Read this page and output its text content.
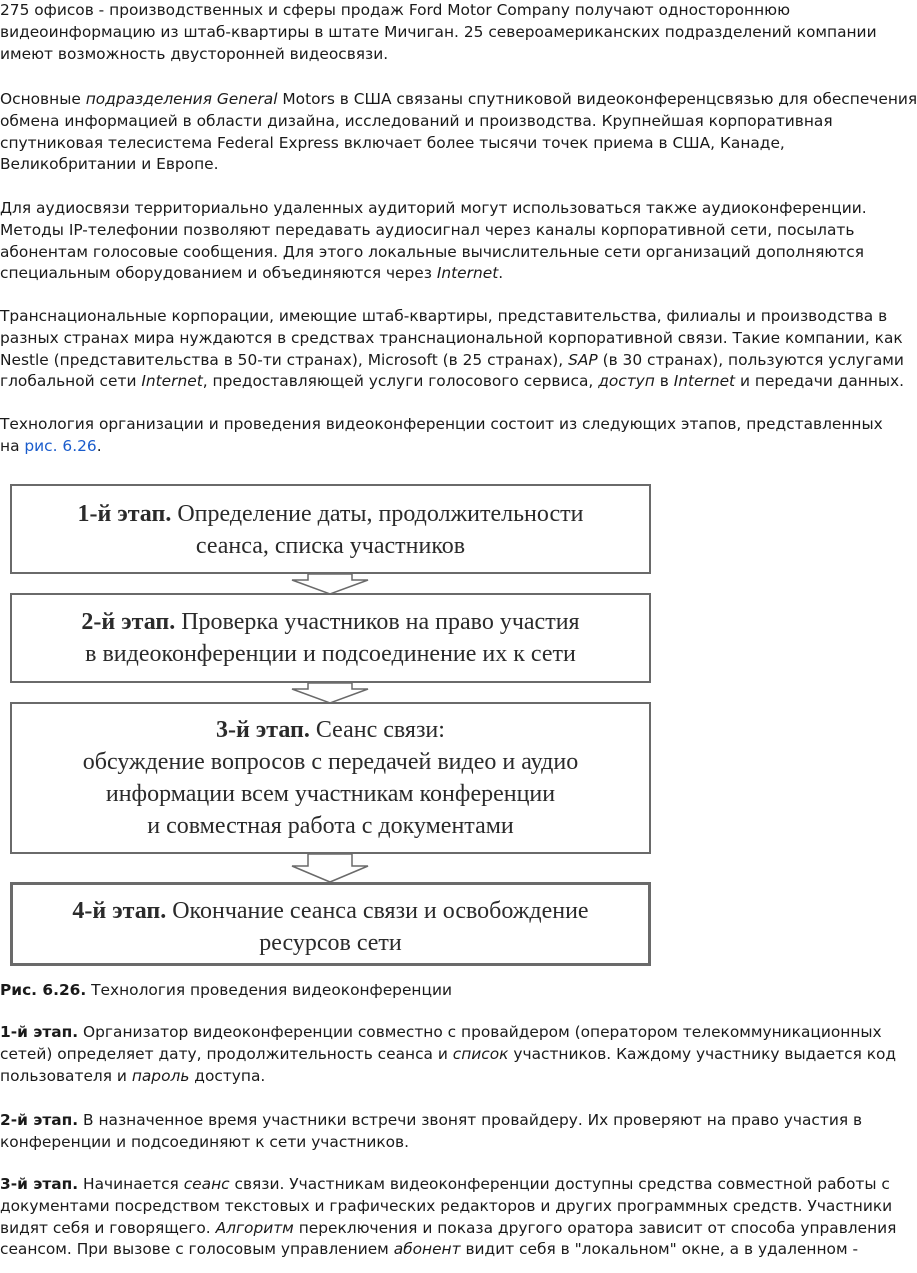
275 офисов - производственных и сферы продаж Ford Motor Company получают одностороннюю
видеоинформацию из штаб-квартиры в штате Мичиган. 25 североамериканских подразделений компании
имеют возможность двусторонней видеосвязи.

Основные подразделения General Motors в США связаны спутниковой видеоконференцсвязью для обеспечения
обмена информацией в области дизайна, исследований и производства. Крупнейшая корпоративная
спутниковая телесистема Federal Express включает более тысячи точек приема в США, Канаде,
Великобритании и Европе.

Для аудиосвязи территориально удаленных аудиторий могут использоваться также аудиоконференции.
Методы IP-телефонии позволяют передавать аудиосигнал через каналы корпоративной сети, посылать
абонентам голосовые сообщения. Для этого локальные вычислительные сети организаций дополняются
специальным оборудованием и объединяются через Internet.

Транснациональные корпорации, имеющие штаб-квартиры, представительства, филиалы и производства в
разных странах мира нуждаются в средствах транснациональной корпоративной связи. Такие компании, как
Nestle (представительства в 50-ти странах), Microsoft (в 25 странах), SAP (в 30 странах), пользуются услугами
глобальной сети Internet, предоставляющей услуги голосового сервиса, доступ в Internet и передачи данных.

Технология организации и проведения видеоконференции состоит из следующих этапов, представленных
на рис. 6.26.

1-й этап. Определение даты, продолжительности
сеанса, списка участников
2-й этап. Проверка участников на право участия
в видеоконференции и подсоединение их к сети
3-й этап. Сеанс связи:
обсуждение вопросов с передачей видео и аудио
информации всем участникам конференции
и совместная работа с документами
4-й этап. Окончание сеанса связи и освобождение
ресурсов сети

Рис. 6.26. Технология проведения видеоконференции

1-й этап. Организатор видеоконференции совместно с провайдером (оператором телекоммуникационных
сетей) определяет дату, продолжительность сеанса и список участников. Каждому участнику выдается код
пользователя и пароль доступа.

2-й этап. В назначенное время участники встречи звонят провайдеру. Их проверяют на право участия в
конференции и подсоединяют к сети участников.

3-й этап. Начинается сеанс связи. Участникам видеоконференции доступны средства совместной работы с
документами посредством текстовых и графических редакторов и других программных средств. Участники
видят себя и говорящего. Алгоритм переключения и показа другого оратора зависит от способа управления
сеансом. При вызове с голосовым управлением абонент видит себя в "локальном" окне, а в удаленном -
